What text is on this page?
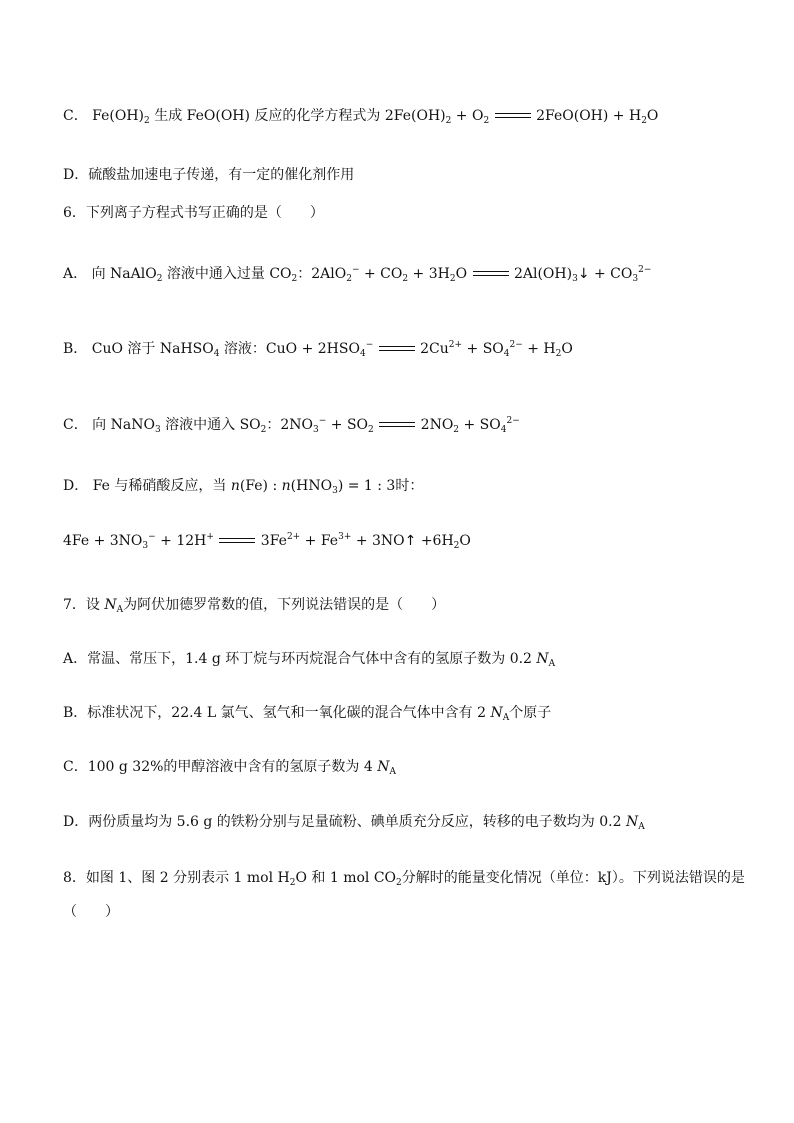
C． $Fe(OH)_2$ 生成 FeO(OH) 反应的化学方程式为 $2Fe(OH)_2 + O_2$	$2FeO(OH) + H_2O$
D．硫酸盐加速电子传递，有一定的催化剂作用
6．下列离子方程式书写正确的是（　　）
A． 向 NaAlO$_2$ 溶液中通入过量 $CO_2$：$2AlO_2^- + CO_2 + 3H_2O$	$2Al(OH)_3↓ + CO_3^{2-}$
B． CuO 溶于 NaHSO$_4$ 溶液：CuO + $2HSO_4^-$	$2Cu^{2+} + SO_4^{2-} + H_2O$
C． 向 NaNO$_3$ 溶液中通入 $SO_2$：$2NO_3^- + SO_2$	$2NO_2 + SO_4^{2-}$
D． Fe 与稀硝酸反应，当 n(Fe) : $n(HNO_3) = 1$ : 3时：
$4Fe + 3NO_3^- + 12H^+$	$3Fe^{2+} + Fe^{3+}$ + 3NO↑ $+6H_2O$
7．设 $N_A$为阿伏加德罗常数的值，下列说法错误的是（　　）
A．常温、常压下，1.4 g 环丁烷与环丙烷混合气体中含有的氢原子数为 0.2 $N_A$
B．标准状况下，22.4 L 氯气、氢气和一氧化碳的混合气体中含有 2 $N_A$个原子
C．100 g 32%的甲醇溶液中含有的氢原子数为 4 $N_A$
D．两份质量均为 5.6 g 的铁粉分别与足量硫粉、碘单质充分反应，转移的电子数均为 0.2 $N_A$
8．如图 1、图 2 分别表示 1 mol $H_2O$ 和 1 mol $CO_2$分解时的能量变化情况（单位：kJ）。下列说法错误的是
（　　）
